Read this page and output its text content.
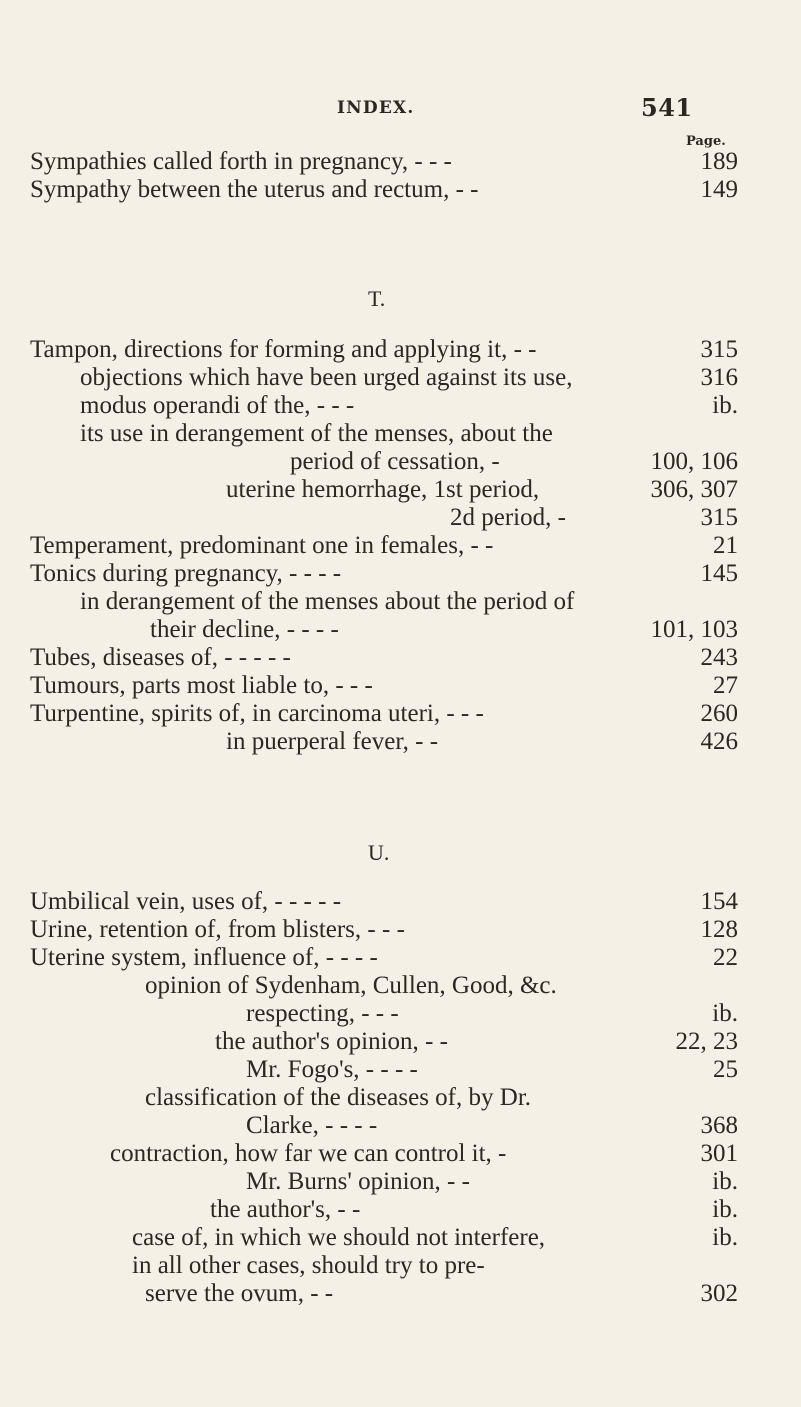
INDEX.	541
Page.
Sympathies called forth in pregnancy, - - -	189
Sympathy between the uterus and rectum, - -	149
T.
Tampon, directions for forming and applying it, - -	315
objections which have been urged against its use,	316
modus operandi of the, - - -	ib.
its use in derangement of the menses, about the
period of cessation, -	100, 106
uterine hemorrhage, 1st period,	306, 307
2d period, -	315
Temperament, predominant one in females, - -	21
Tonics during pregnancy, - - - -	145
in derangement of the menses about the period of
their decline, - - - -	101, 103
Tubes, diseases of, - - - - -	243
Tumours, parts most liable to, - - -	27
Turpentine, spirits of, in carcinoma uteri, - - -	260
in puerperal fever, - -	426
U.
Umbilical vein, uses of, - - - - -	154
Urine, retention of, from blisters, - - -	128
Uterine system, influence of, - - - -	22
opinion of Sydenham, Cullen, Good, &c.
respecting, - - -	ib.
the author's opinion, - -	22, 23
Mr. Fogo's, - - - -	25
classification of the diseases of, by Dr.
Clarke, - - - -	368
contraction, how far we can control it, -	301
Mr. Burns' opinion, - -	ib.
the author's, - -	ib.
case of, in which we should not interfere,	ib.
in all other cases, should try to pre-
serve the ovum, - -	302
